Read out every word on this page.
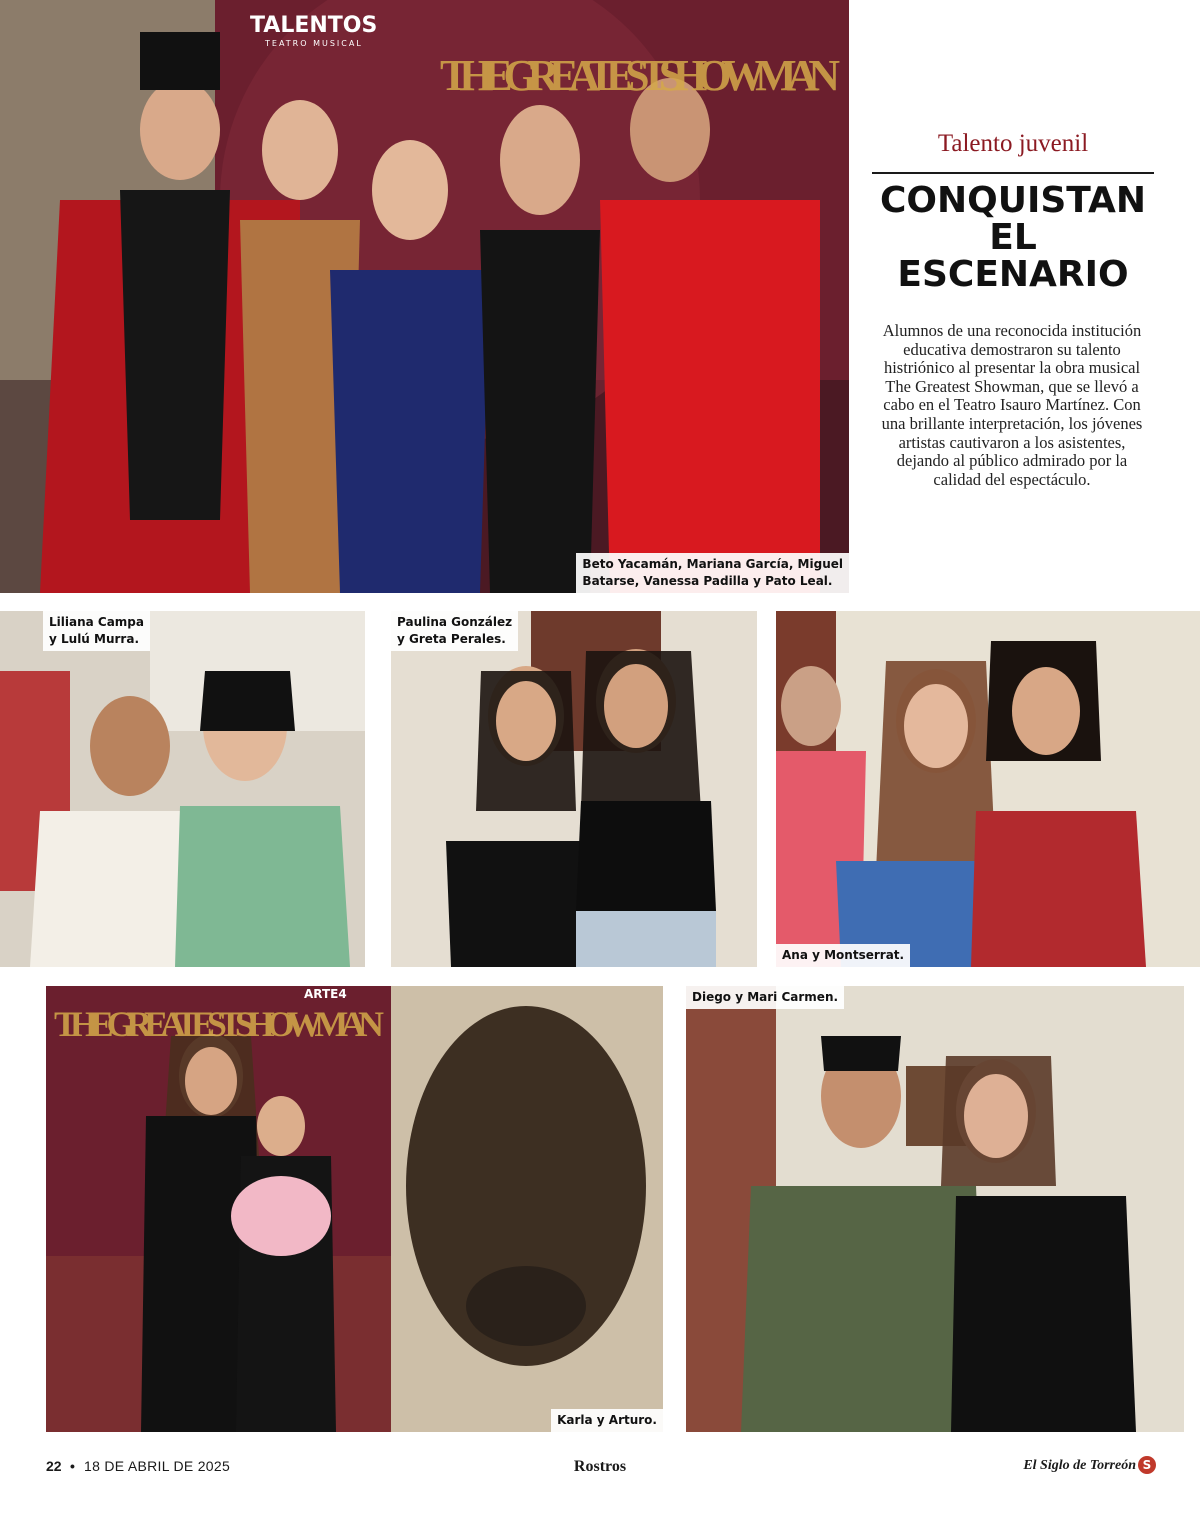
TALENTOS
TEATRO MUSICAL
THE GREATEST SHOWMAN
Beto Yacamán, Mariana García, Miguel
Batarse, Vanessa Padilla y Pato Leal.
Talento juvenil
CONQUISTAN
EL
ESCENARIO
Alumnos de una reconocida institución educativa demostraron su talento histriónico al presentar la obra musical The Greatest Showman, que se llevó a cabo en el Teatro Isauro Martínez. Con una brillante interpretación, los jóvenes artistas cautivaron a los asistentes, dejando al público admirado por la calidad del espectáculo.
Liliana Campa
y Lulú Murra.
Paulina González
y Greta Perales.
Ana y Montserrat.
THE GREATEST SHOWMAN
ARTE4
Karla y Arturo.
Diego y Mari Carmen.
22 • 18 DE ABRIL DE 2025	Rostros	El Siglo de Torreón S
